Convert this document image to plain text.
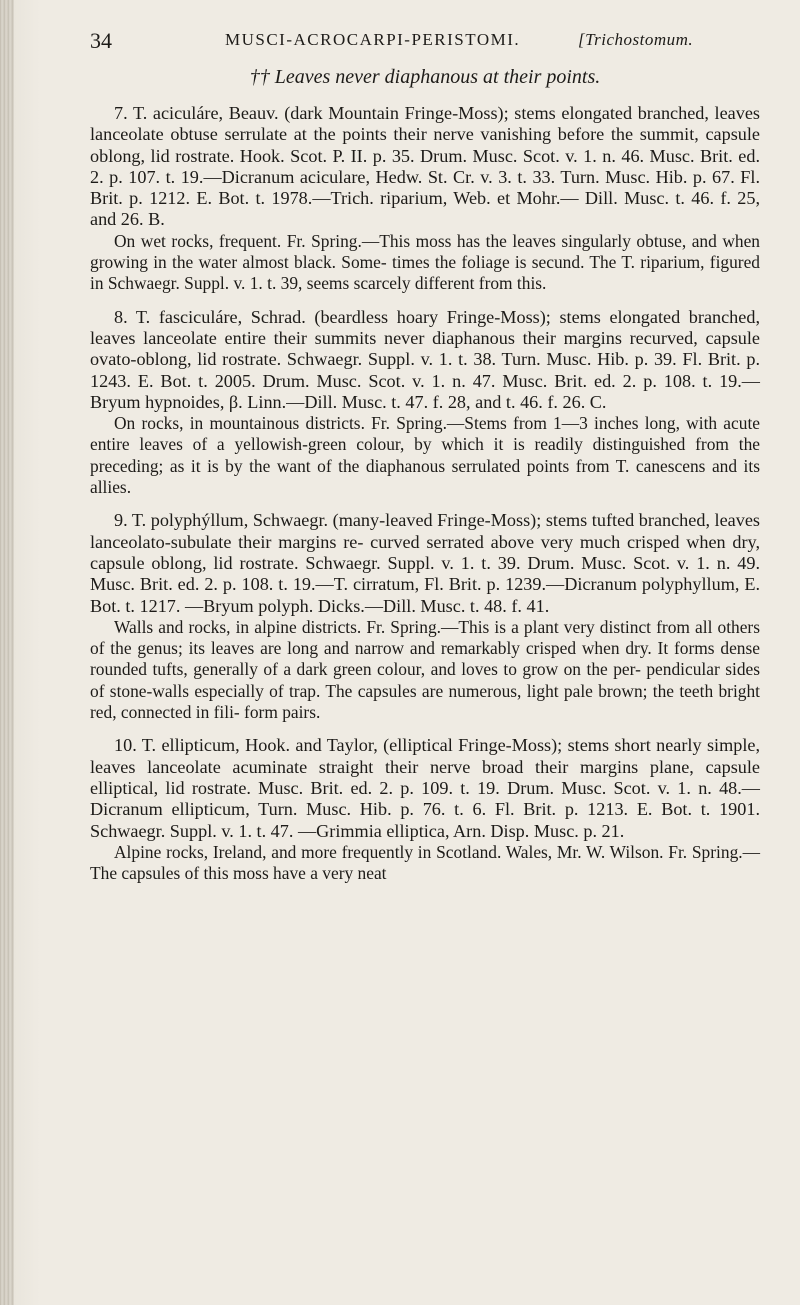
34	MUSCI-ACROCARPI-PERISTOMI.	[Trichostomum.
†† Leaves never diaphanous at their points.

7. T. aciculáre, Beauv. (dark Mountain Fringe-Moss); stems elongated branched, leaves lanceolate obtuse serrulate at the points their nerve vanishing before the summit, capsule oblong, lid rostrate. Hook. Scot. P. II. p. 35. Drum. Musc. Scot. v. 1. n. 46. Musc. Brit. ed. 2. p. 107. t. 19.—Dicranum aciculare, Hedw. St. Cr. v. 3. t. 33. Turn. Musc. Hib. p. 67. Fl. Brit. p. 1212. E. Bot. t. 1978.—Trich. riparium, Web. et Mohr.— Dill. Musc. t. 46. f. 25, and 26. B.

On wet rocks, frequent. Fr. Spring.—This moss has the leaves singularly obtuse, and when growing in the water almost black. Some- times the foliage is secund. The T. riparium, figured in Schwaegr. Suppl. v. 1. t. 39, seems scarcely different from this.

8. T. fasciculáre, Schrad. (beardless hoary Fringe-Moss); stems elongated branched, leaves lanceolate entire their summits never diaphanous their margins recurved, capsule ovato-oblong, lid rostrate. Schwaegr. Suppl. v. 1. t. 38. Turn. Musc. Hib. p. 39. Fl. Brit. p. 1243. E. Bot. t. 2005. Drum. Musc. Scot. v. 1. n. 47. Musc. Brit. ed. 2. p. 108. t. 19.—Bryum hypnoides, β. Linn.—Dill. Musc. t. 47. f. 28, and t. 46. f. 26. C.

On rocks, in mountainous districts. Fr. Spring.—Stems from 1—3 inches long, with acute entire leaves of a yellowish-green colour, by which it is readily distinguished from the preceding; as it is by the want of the diaphanous serrulated points from T. canescens and its allies.

9. T. polyphýllum, Schwaegr. (many-leaved Fringe-Moss); stems tufted branched, leaves lanceolato-subulate their margins re- curved serrated above very much crisped when dry, capsule oblong, lid rostrate. Schwaegr. Suppl. v. 1. t. 39. Drum. Musc. Scot. v. 1. n. 49. Musc. Brit. ed. 2. p. 108. t. 19.—T. cirratum, Fl. Brit. p. 1239.—Dicranum polyphyllum, E. Bot. t. 1217. —Bryum polyph. Dicks.—Dill. Musc. t. 48. f. 41.

Walls and rocks, in alpine districts. Fr. Spring.—This is a plant very distinct from all others of the genus; its leaves are long and narrow and remarkably crisped when dry. It forms dense rounded tufts, generally of a dark green colour, and loves to grow on the per- pendicular sides of stone-walls especially of trap. The capsules are numerous, light pale brown; the teeth bright red, connected in fili- form pairs.

10. T. ellipticum, Hook. and Taylor, (elliptical Fringe-Moss); stems short nearly simple, leaves lanceolate acuminate straight their nerve broad their margins plane, capsule elliptical, lid rostrate. Musc. Brit. ed. 2. p. 109. t. 19. Drum. Musc. Scot. v. 1. n. 48.—Dicranum ellipticum, Turn. Musc. Hib. p. 76. t. 6. Fl. Brit. p. 1213. E. Bot. t. 1901. Schwaegr. Suppl. v. 1. t. 47. —Grimmia elliptica, Arn. Disp. Musc. p. 21.

Alpine rocks, Ireland, and more frequently in Scotland. Wales, Mr. W. Wilson. Fr. Spring.—The capsules of this moss have a very neat
